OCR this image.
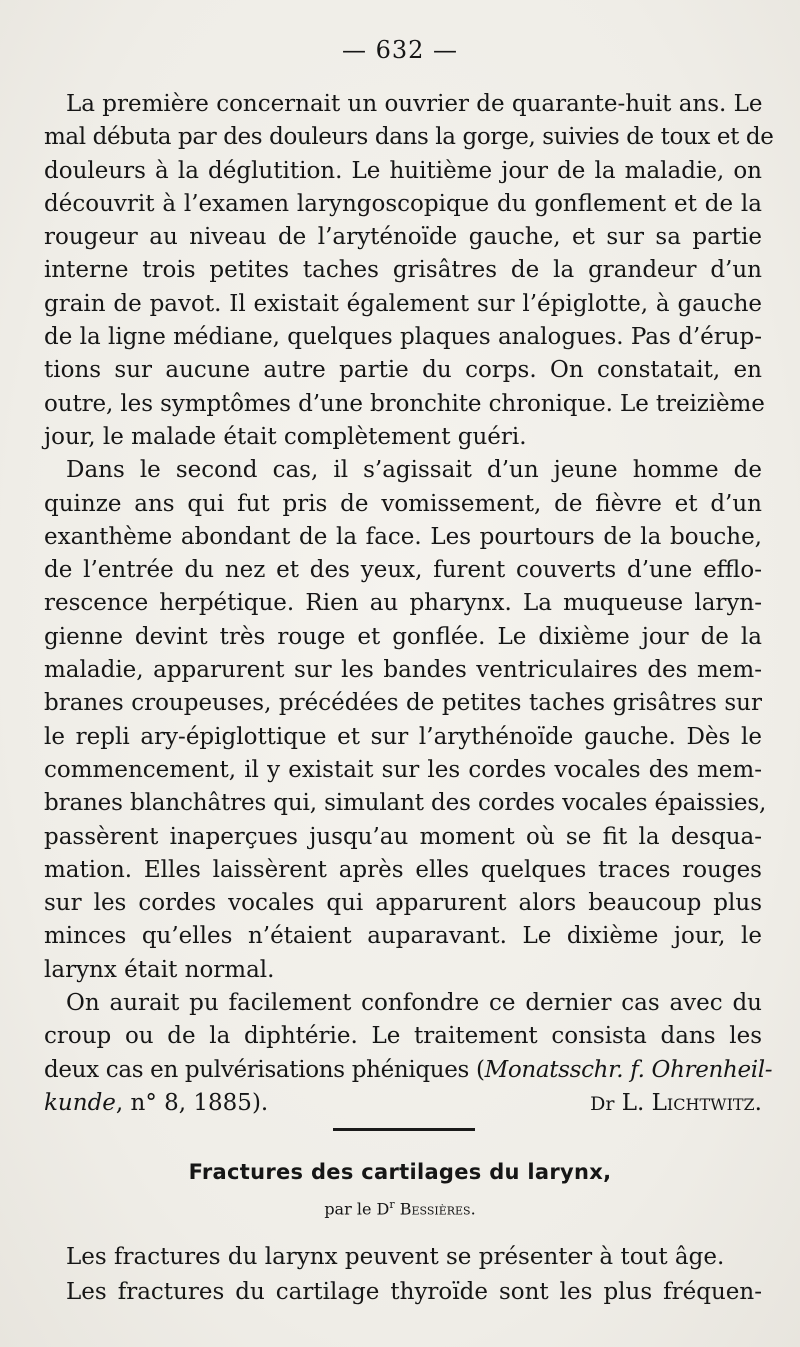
— 632 —
La première concernait un ouvrier de quarante-huit ans. Le
mal débuta par des douleurs dans la gorge, suivies de toux et de
douleurs à la déglutition. Le huitième jour de la maladie, on
découvrit à l’examen laryngoscopique du gonflement et de la
rougeur au niveau de l’aryténoïde gauche, et sur sa partie
interne trois petites taches grisâtres de la grandeur d’un
grain de pavot. Il existait également sur l’épiglotte, à gauche
de la ligne médiane, quelques plaques analogues. Pas d’érup-
tions sur aucune autre partie du corps. On constatait, en
outre, les symptômes d’une bronchite chronique. Le treizième
jour, le malade était complètement guéri.
Dans le second cas, il s’agissait d’un jeune homme de
quinze ans qui fut pris de vomissement, de fièvre et d’un
exanthème abondant de la face. Les pourtours de la bouche,
de l’entrée du nez et des yeux, furent couverts d’une efflo-
rescence herpétique. Rien au pharynx. La muqueuse laryn-
gienne devint très rouge et gonflée. Le dixième jour de la
maladie, apparurent sur les bandes ventriculaires des mem-
branes croupeuses, précédées de petites taches grisâtres sur
le repli ary-épiglottique et sur l’arythénoïde gauche. Dès le
commencement, il y existait sur les cordes vocales des mem-
branes blanchâtres qui, simulant des cordes vocales épaissies,
passèrent inaperçues jusqu’au moment où se fit la desqua-
mation. Elles laissèrent après elles quelques traces rouges
sur les cordes vocales qui apparurent alors beaucoup plus
minces qu’elles n’étaient auparavant. Le dixième jour, le
larynx était normal.
On aurait pu facilement confondre ce dernier cas avec du
croup ou de la diphtérie. Le traitement consista dans les
deux cas en pulvérisations phéniques (Monatsschr. f. Ohrenheil-
kunde, n° 8, 1885).	Dr L. Lichtwitz.
Fractures des cartilages du larynx,
par le $D^r$ Bessières.
Les fractures du larynx peuvent se présenter à tout âge.
Les fractures du cartilage thyroïde sont les plus fréquen-
